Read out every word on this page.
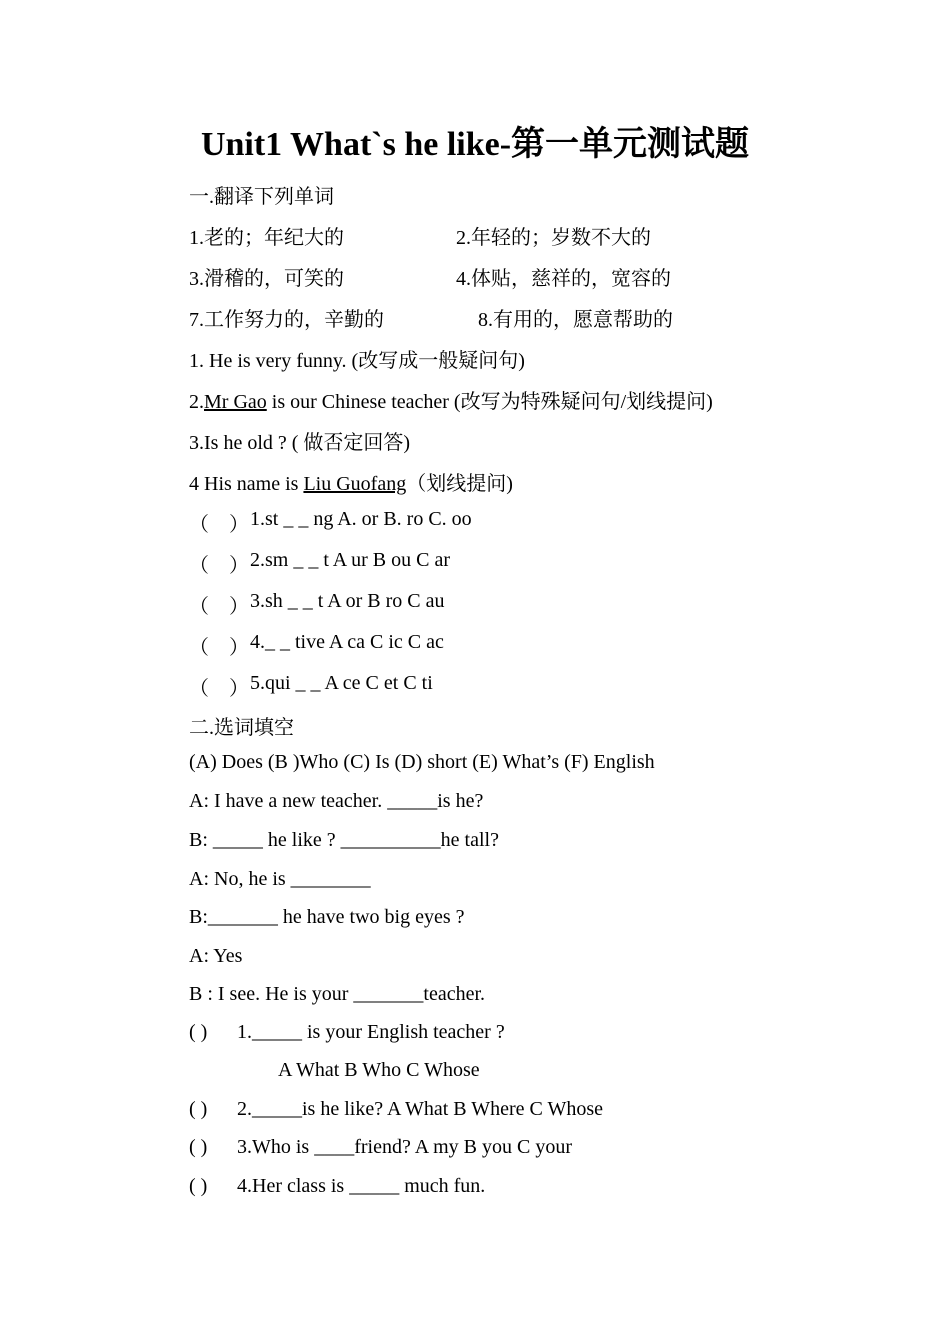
Unit1 What`s he like-第一单元测试题
一.翻译下列单词
1.老的；年纪大的	2.年轻的；岁数不大的
3.滑稽的，可笑的	4.体贴，慈祥的，宽容的
7.工作努力的，辛勤的	8.有用的，愿意帮助的
1. He is very funny. (改写成一般疑问句)
2.Mr Gao is our Chinese teacher (改写为特殊疑问句/划线提问)
3.Is he old ? ( 做否定回答)
4 His name is Liu Guofang（划线提问)
（　） 1.st _ _ ng A. or B. ro C. oo
（　） 2.sm _ _ t A ur B ou C ar
（　） 3.sh _ _ t A or B ro C au
（　） 4._ _ tive A ca C ic C ac
（　） 5.qui _ _ A ce C et C ti
二.选词填空
(A) Does (B )Who (C) Is (D) short (E) What’s (F) English
A: I have a new teacher. _____is he?
B: _____ he like ? __________he tall?
A: No, he is ________
B:_______ he have two big eyes ?
A: Yes
B : I see. He is your _______teacher.
( ) 1._____ is your English teacher ?
A What B Who C Whose
( ) 2._____is he like? A What B Where C Whose
( ) 3.Who is ____friend? A my B you C your
( ) 4.Her class is _____ much fun.
